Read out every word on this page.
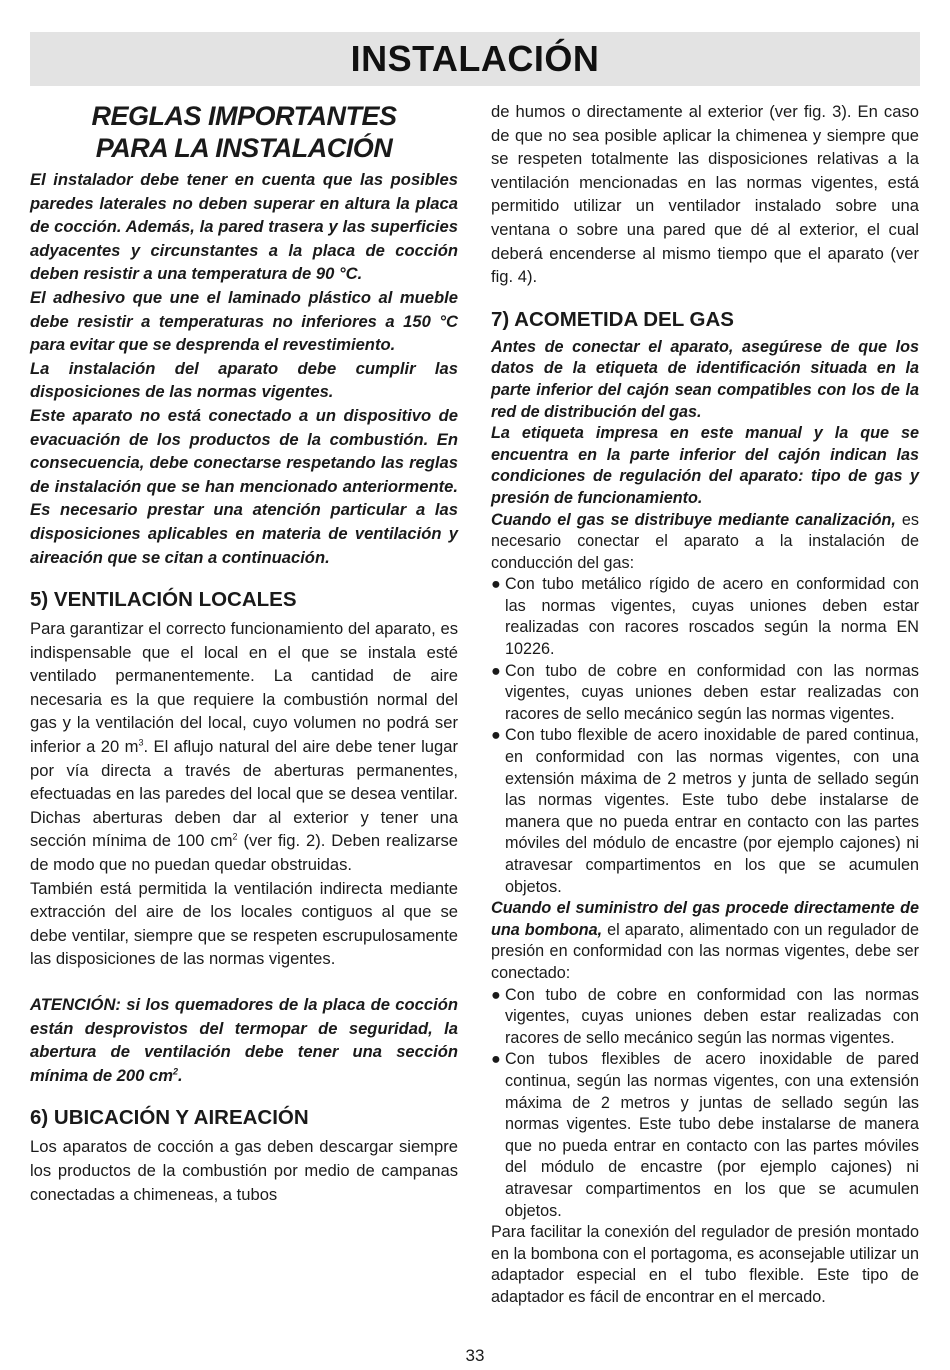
INSTALACIÓN
REGLAS IMPORTANTES
PARA LA INSTALACIÓN

El instalador debe tener en cuenta que las posibles paredes laterales no deben superar en altura la placa de cocción. Además, la pared trasera y las superficies adyacentes y circunstantes a la placa de cocción deben resistir a una temperatura de 90 °C.

El adhesivo que une el laminado plástico al mueble debe resistir a temperaturas no inferiores a 150 °C para evitar que se desprenda el revestimiento.

La instalación del aparato debe cumplir las disposiciones de las normas vigentes.

Este aparato no está conectado a un dispositivo de evacuación de los productos de la combustión. En consecuencia, debe conectarse respetando las reglas de instalación que se han mencionado anteriormente. Es necesario prestar una atención particular a las disposiciones aplicables en materia de ventilación y aireación que se citan a continuación.

5) VENTILACIÓN LOCALES

Para garantizar el correcto funcionamiento del aparato, es indispensable que el local en el que se instala esté ventilado permanentemente. La cantidad de aire necesaria es la que requiere la combustión normal del gas y la ventilación del local, cuyo volumen no podrá ser inferior a 20 $m^3$. El aflujo natural del aire debe tener lugar por vía directa a través de aberturas permanentes, efectuadas en las paredes del local que se desea ventilar. Dichas aberturas deben dar al exterior y tener una sección mínima de 100 $cm^2$ (ver fig. 2). Deben realizarse de modo que no puedan quedar obstruidas.

También está permitida la ventilación indirecta mediante extracción del aire de los locales contiguos al que se debe ventilar, siempre que se respeten escrupulosamente las disposiciones de las normas vigentes.

ATENCIÓN: si los quemadores de la placa de cocción están desprovistos del termopar de seguridad, la abertura de ventilación debe tener una sección mínima de 200 $cm^2$.

6) UBICACIÓN Y AIREACIÓN

Los aparatos de cocción a gas deben descargar siempre los productos de la combustión por medio de campanas conectadas a chimeneas, a tubos

de humos o directamente al exterior (ver fig. 3). En caso de que no sea posible aplicar la chimenea y siempre que se respeten totalmente las disposiciones relativas a la ventilación mencionadas en las normas vigentes, está permitido utilizar un ventilador instalado sobre una ventana o sobre una pared que dé al exterior, el cual deberá encenderse al mismo tiempo que el aparato (ver fig. 4).

7) ACOMETIDA DEL GAS

Antes de conectar el aparato, asegúrese de que los datos de la etiqueta de identificación situada en la parte inferior del cajón sean compatibles con los de la red de distribución del gas.

La etiqueta impresa en este manual y la que se encuentra en la parte inferior del cajón indican las condiciones de regulación del aparato: tipo de gas y presión de funcionamiento.

Cuando el gas se distribuye mediante canalización, es necesario conectar el aparato a la instalación de conducción del gas:

● Con tubo metálico rígido de acero en conformidad con las normas vigentes, cuyas uniones deben estar realizadas con racores roscados según la norma EN 10226.

● Con tubo de cobre en conformidad con las normas vigentes, cuyas uniones deben estar realizadas con racores de sello mecánico según las normas vigentes.

● Con tubo flexible de acero inoxidable de pared continua, en conformidad con las normas vigentes, con una extensión máxima de 2 metros y junta de sellado según las normas vigentes. Este tubo debe instalarse de manera que no pueda entrar en contacto con las partes móviles del módulo de encastre (por ejemplo cajones) ni atravesar compartimentos en los que se acumulen objetos.

Cuando el suministro del gas procede directamente de una bombona, el aparato, alimentado con un regulador de presión en conformidad con las normas vigentes, debe ser conectado:

● Con tubo de cobre en conformidad con las normas vigentes, cuyas uniones deben estar realizadas con racores de sello mecánico según las normas vigentes.

● Con tubos flexibles de acero inoxidable de pared continua, según las normas vigentes, con una extensión máxima de 2 metros y juntas de sellado según las normas vigentes. Este tubo debe instalarse de manera que no pueda entrar en contacto con las partes móviles del módulo de encastre (por ejemplo cajones) ni atravesar compartimentos en los que se acumulen objetos.

Para facilitar la conexión del regulador de presión montado en la bombona con el portagoma, es aconsejable utilizar un adaptador especial en el tubo flexible. Este tipo de adaptador es fácil de encontrar en el mercado.

33
